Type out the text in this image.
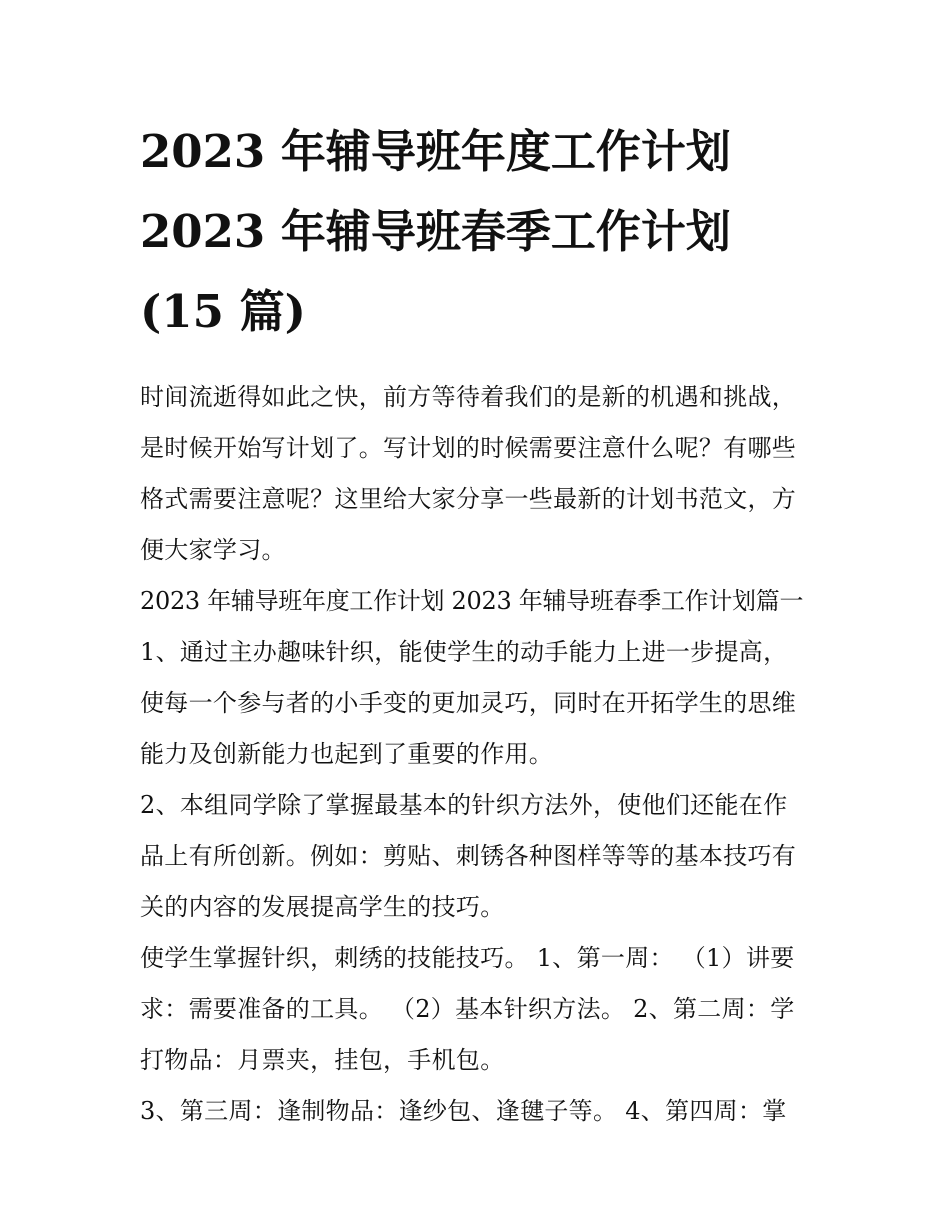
2023 年辅导班年度工作计划
2023 年辅导班春季工作计划
(15 篇)

时间流逝得如此之快，前方等待着我们的是新的机遇和挑战，
是时候开始写计划了。写计划的时候需要注意什么呢？有哪些
格式需要注意呢？这里给大家分享一些最新的计划书范文，方
便大家学习。

2023 年辅导班年度工作计划 2023 年辅导班春季工作计划篇一

1、通过主办趣味针织，能使学生的动手能力上进一步提高，
使每一个参与者的小手变的更加灵巧，同时在开拓学生的思维
能力及创新能力也起到了重要的作用。

2、本组同学除了掌握最基本的针织方法外，使他们还能在作
品上有所创新。例如：剪贴、刺锈各种图样等等的基本技巧有
关的内容的发展提高学生的技巧。

使学生掌握针织，刺绣的技能技巧。 1、第一周： （1）讲要
求：需要准备的工具。 （2）基本针织方法。 2、第二周：学
打物品：月票夹，挂包，手机包。

3、第三周：逢制物品：逢纱包、逢毽子等。 4、第四周：掌
